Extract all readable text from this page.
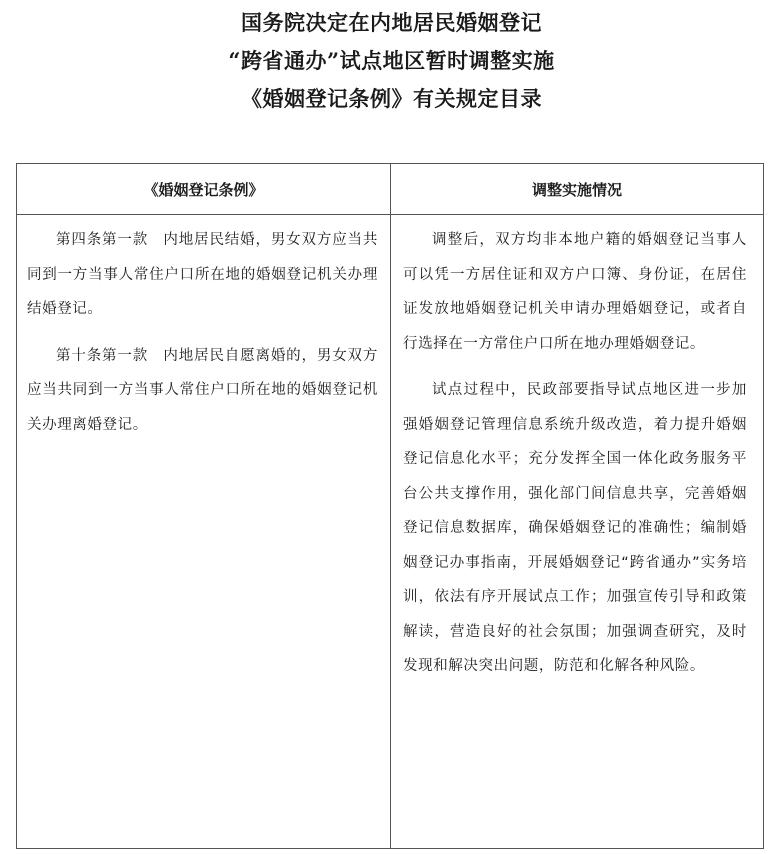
国务院决定在内地居民婚姻登记
“跨省通办”试点地区暂时调整实施
《婚姻登记条例》有关规定目录
《婚姻登记条例》	调整实施情况

第四条第一款　内地居民结婚，男女双方应当共同到一方当事人常住户口所在地的婚姻登记机关办理结婚登记。

第十条第一款　内地居民自愿离婚的，男女双方应当共同到一方当事人常住户口所在地的婚姻登记机关办理离婚登记。

调整后，双方均非本地户籍的婚姻登记当事人可以凭一方居住证和双方户口簿、身份证，在居住证发放地婚姻登记机关申请办理婚姻登记，或者自行选择在一方常住户口所在地办理婚姻登记。

试点过程中，民政部要指导试点地区进一步加强婚姻登记管理信息系统升级改造，着力提升婚姻登记信息化水平；充分发挥全国一体化政务服务平台公共支撑作用，强化部门间信息共享，完善婚姻登记信息数据库，确保婚姻登记的准确性；编制婚姻登记办事指南，开展婚姻登记“跨省通办”实务培训，依法有序开展试点工作；加强宣传引导和政策解读，营造良好的社会氛围；加强调查研究，及时发现和解决突出问题，防范和化解各种风险。
